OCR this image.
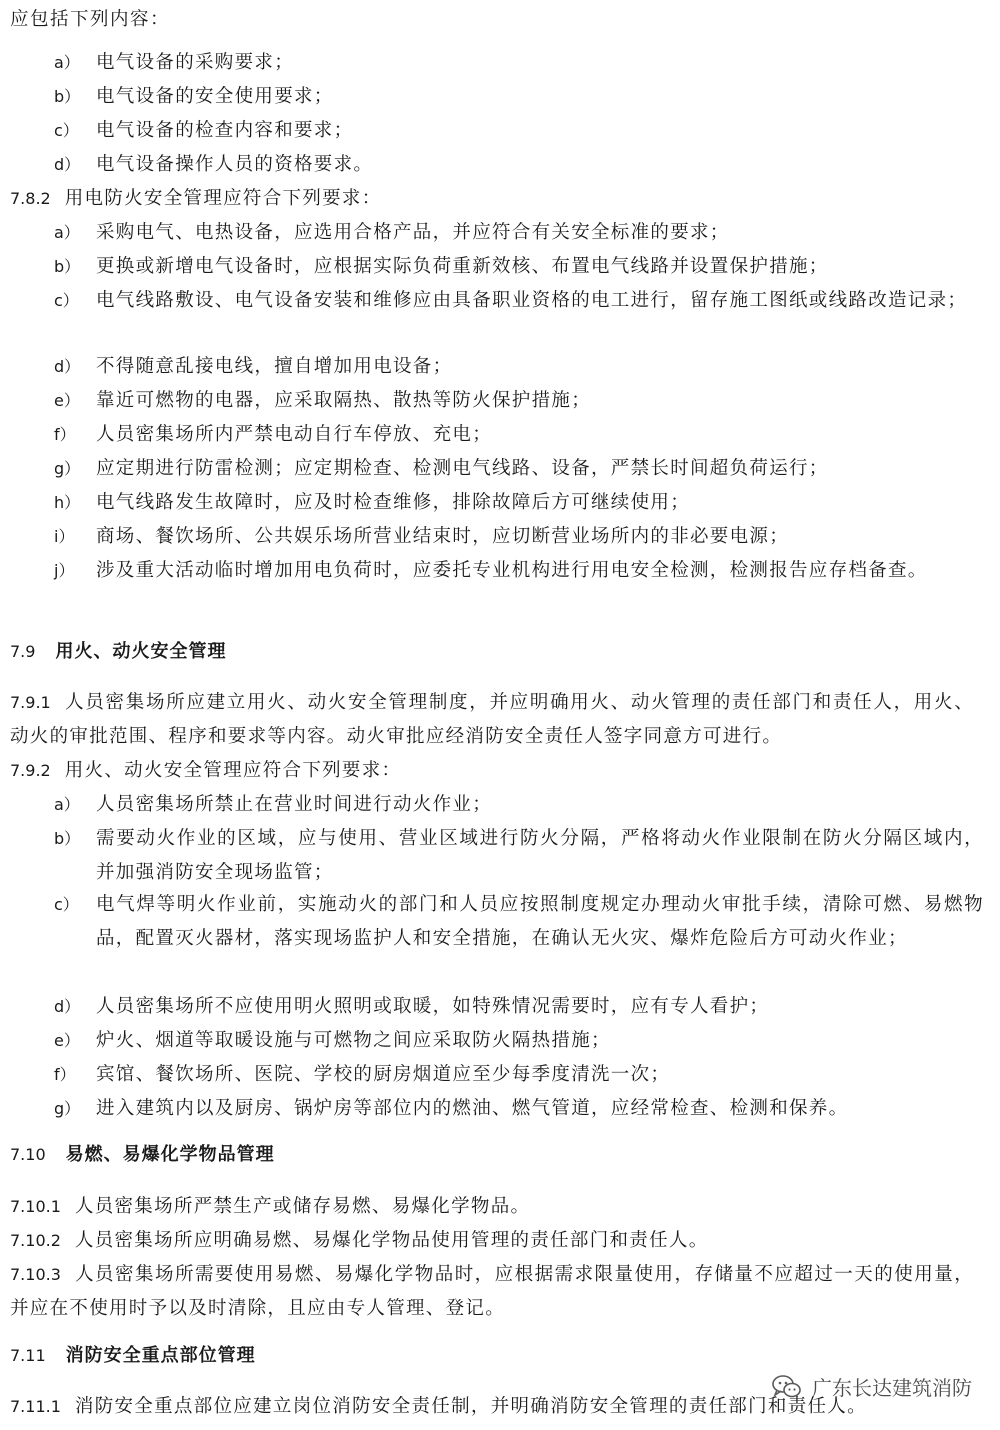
应包括下列内容：
a） 电气设备的采购要求；
b） 电气设备的安全使用要求；
c） 电气设备的检查内容和要求；
d） 电气设备操作人员的资格要求。
7.8.2 用电防火安全管理应符合下列要求：
a） 采购电气、电热设备，应选用合格产品，并应符合有关安全标准的要求；
b） 更换或新增电气设备时，应根据实际负荷重新效核、布置电气线路并设置保护措施；
c） 电气线路敷设、电气设备安装和维修应由具备职业资格的电工进行，留存施工图纸或线路改造记录；
d） 不得随意乱接电线，擅自增加用电设备；
e） 靠近可燃物的电器，应采取隔热、散热等防火保护措施；
f）	人员密集场所内严禁电动自行车停放、充电；
g） 应定期进行防雷检测；应定期检查、检测电气线路、设备，严禁长时间超负荷运行；
h） 电气线路发生故障时，应及时检查维修，排除故障后方可继续使用；
i）	商场、餐饮场所、公共娱乐场所营业结束时，应切断营业场所内的非必要电源；
j）	涉及重大活动临时增加用电负荷时，应委托专业机构进行用电安全检测，检测报告应存档备查。
7.9 用火、动火安全管理
7.9.1 人员密集场所应建立用火、动火安全管理制度，并应明确用火、动火管理的责任部门和责任人，用火、动火的审批范围、程序和要求等内容。动火审批应经消防安全责任人签字同意方可进行。
7.9.2 用火、动火安全管理应符合下列要求：
a） 人员密集场所禁止在营业时间进行动火作业；
b） 需要动火作业的区域，应与使用、营业区域进行防火分隔，严格将动火作业限制在防火分隔区域内，并加强消防安全现场监管；
c） 电气焊等明火作业前，实施动火的部门和人员应按照制度规定办理动火审批手续，清除可燃、易燃物品，配置灭火器材，落实现场监护人和安全措施，在确认无火灾、爆炸危险后方可动火作业；
d） 人员密集场所不应使用明火照明或取暖，如特殊情况需要时，应有专人看护；
e） 炉火、烟道等取暖设施与可燃物之间应采取防火隔热措施；
f）	宾馆、餐饮场所、医院、学校的厨房烟道应至少每季度清洗一次；
g） 进入建筑内以及厨房、锅炉房等部位内的燃油、燃气管道，应经常检查、检测和保养。
7.10 易燃、易爆化学物品管理
7.10.1 人员密集场所严禁生产或储存易燃、易爆化学物品。
7.10.2 人员密集场所应明确易燃、易爆化学物品使用管理的责任部门和责任人。
7.10.3 人员密集场所需要使用易燃、易爆化学物品时，应根据需求限量使用，存储量不应超过一天的使用量，并应在不使用时予以及时清除，且应由专人管理、登记。
7.11 消防安全重点部位管理
7.11.1 消防安全重点部位应建立岗位消防安全责任制，并明确消防安全管理的责任部门和责任人。
广东长达建筑消防
